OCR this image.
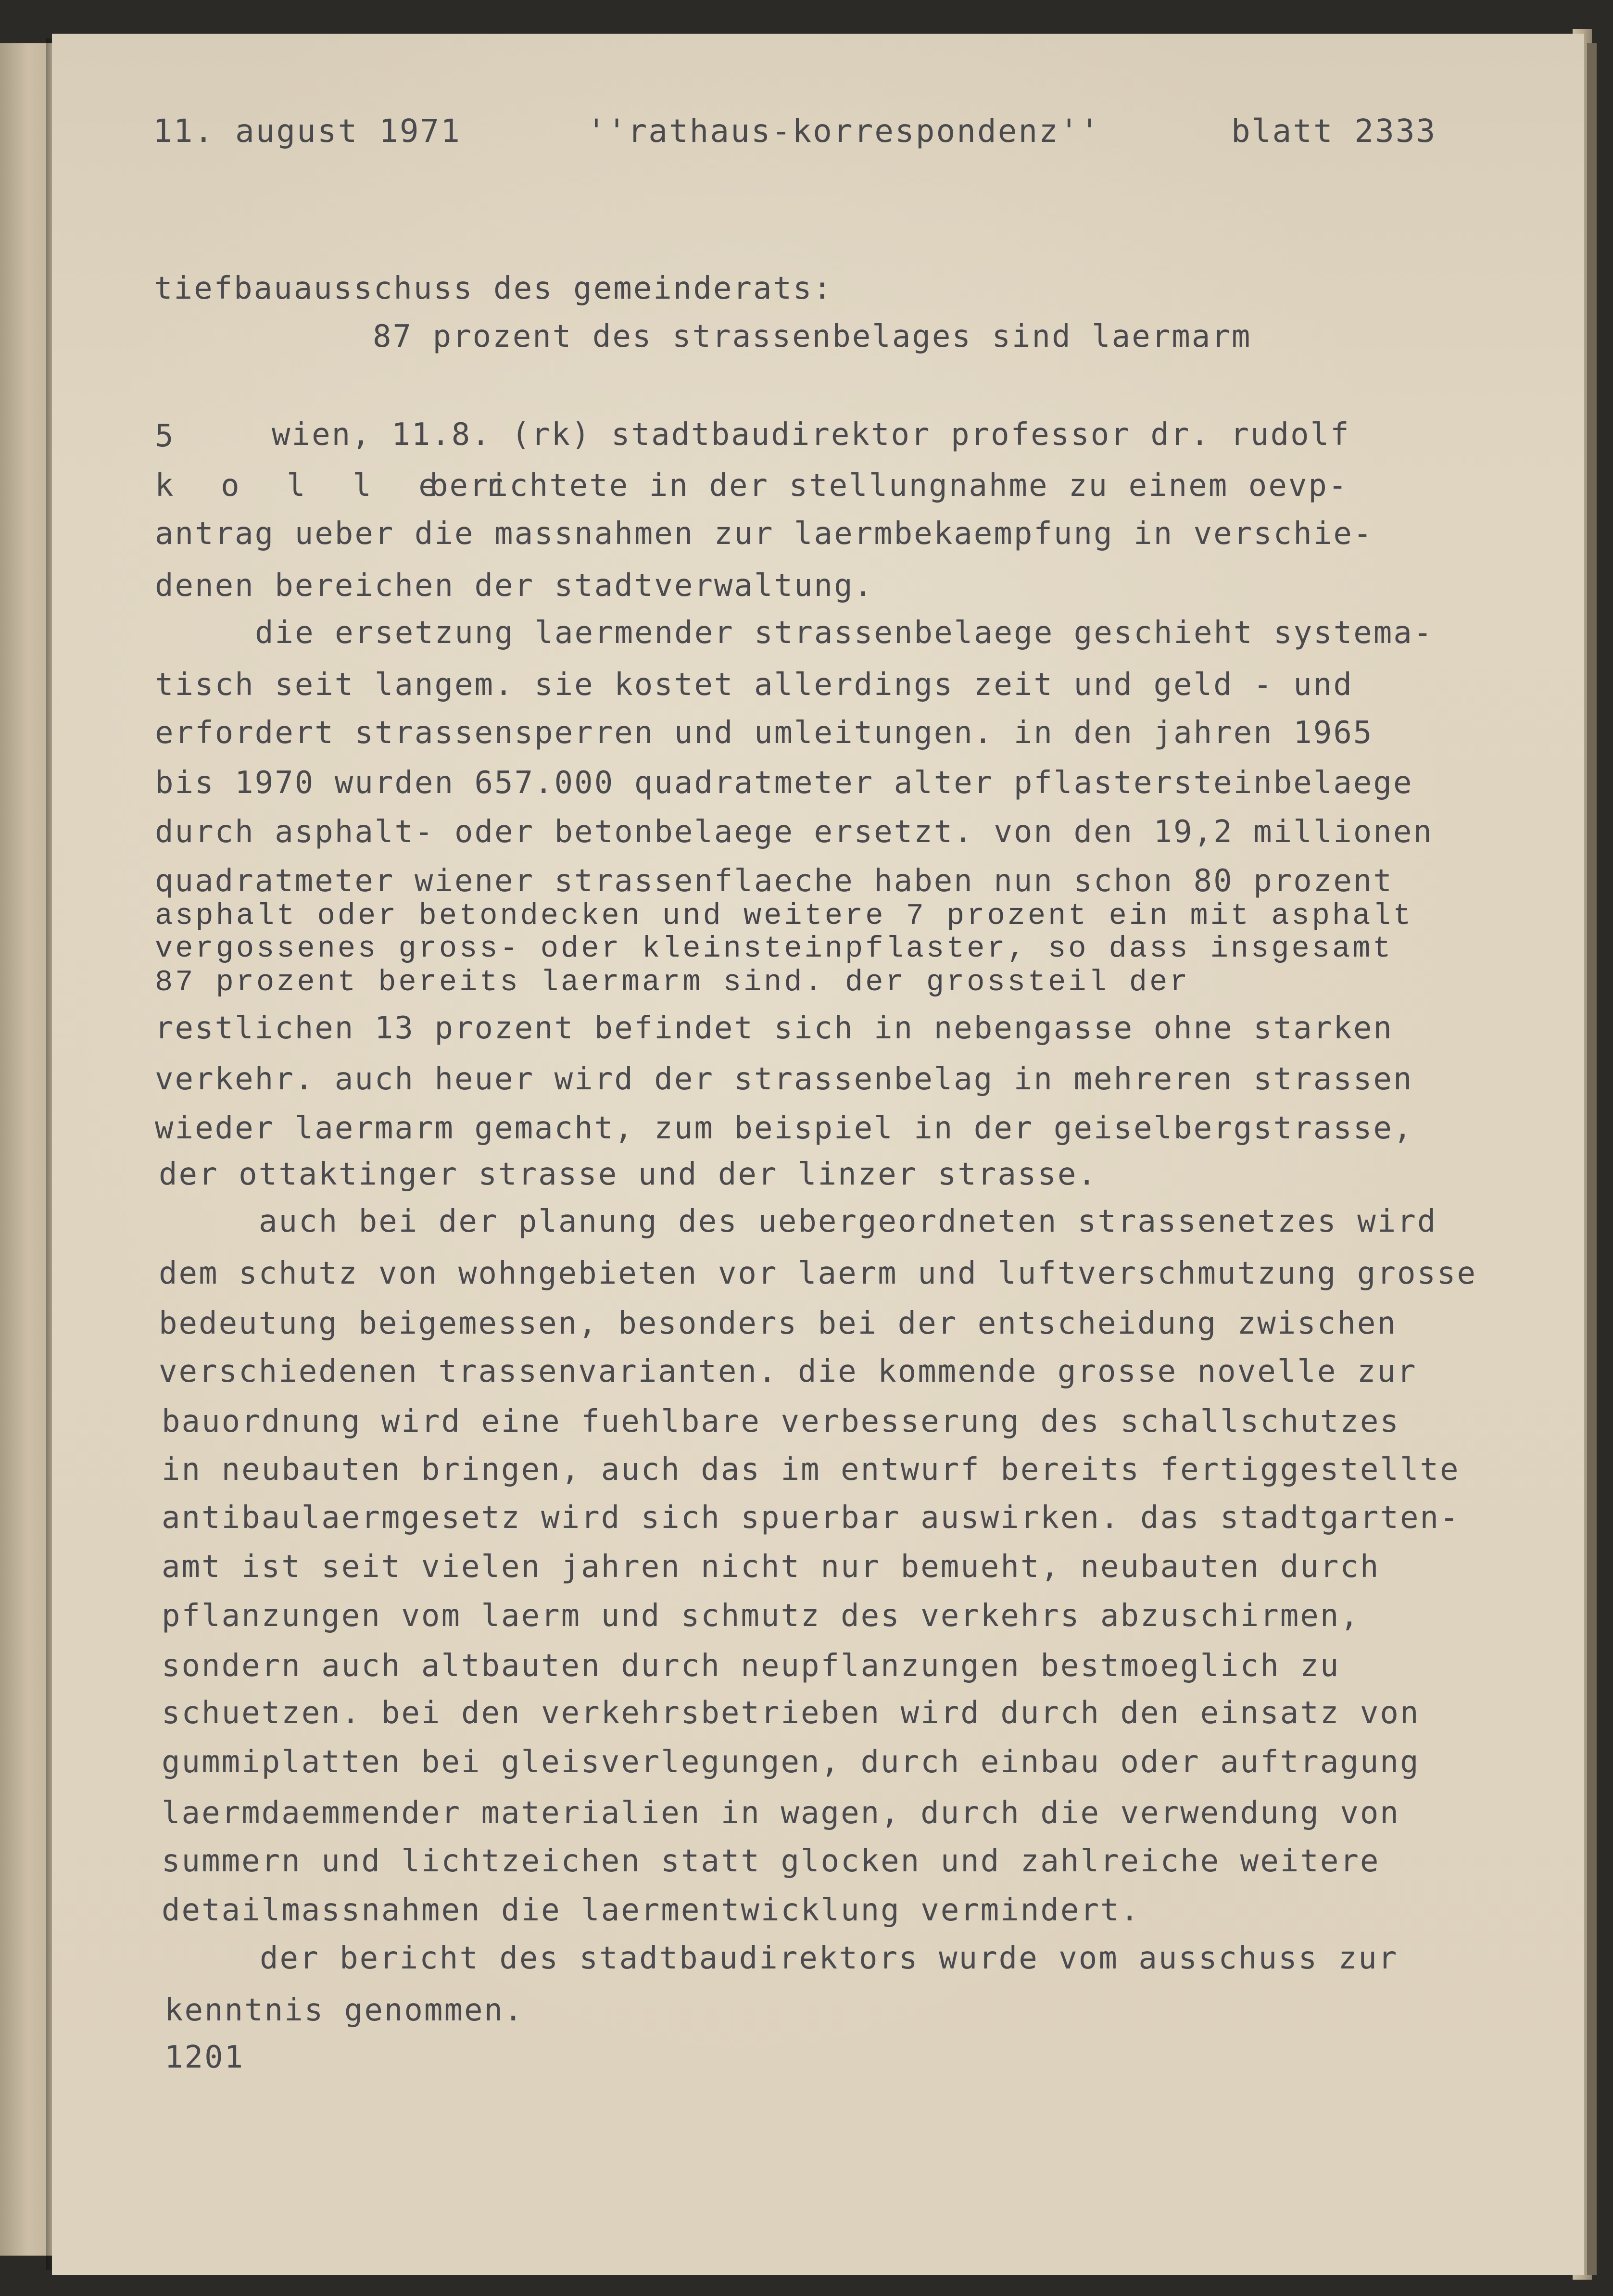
11. august 1971	''rathaus-korrespondenz''	blatt 2333
tiefbauausschuss des gemeinderats:
87 prozent des strassenbelages sind laermarm
5	wien, 11.8. (rk) stadtbaudirektor professor dr. rudolf
k o l l e r
berichtete in der stellungnahme zu einem oevp-
antrag ueber die massnahmen zur laermbekaempfung in verschie-
denen bereichen der stadtverwaltung.
die ersetzung laermender strassenbelaege geschieht systema-
tisch seit langem. sie kostet allerdings zeit und geld - und
erfordert strassensperren und umleitungen. in den jahren 1965
bis 1970 wurden 657.000 quadratmeter alter pflastersteinbelaege
durch asphalt- oder betonbelaege ersetzt. von den 19,2 millionen
quadratmeter wiener strassenflaeche haben nun schon 80 prozent
asphalt oder betondecken und weitere 7 prozent ein mit asphalt
vergossenes gross- oder kleinsteinpflaster, so dass insgesamt
87 prozent bereits laermarm sind. der grossteil der
restlichen 13 prozent befindet sich in nebengasse ohne starken
verkehr. auch heuer wird der strassenbelag in mehreren strassen
wieder laermarm gemacht, zum beispiel in der geiselbergstrasse,
der ottaktinger strasse und der linzer strasse.
auch bei der planung des uebergeordneten strassenetzes wird
dem schutz von wohngebieten vor laerm und luftverschmutzung grosse
bedeutung beigemessen, besonders bei der entscheidung zwischen
verschiedenen trassenvarianten. die kommende grosse novelle zur
bauordnung wird eine fuehlbare verbesserung des schallschutzes
in neubauten bringen, auch das im entwurf bereits fertiggestellte
antibaulaermgesetz wird sich spuerbar auswirken. das stadtgarten-
amt ist seit vielen jahren nicht nur bemueht, neubauten durch
pflanzungen vom laerm und schmutz des verkehrs abzuschirmen,
sondern auch altbauten durch neupflanzungen bestmoeglich zu
schuetzen. bei den verkehrsbetrieben wird durch den einsatz von
gummiplatten bei gleisverlegungen, durch einbau oder auftragung
laermdaemmender materialien in wagen, durch die verwendung von
summern und lichtzeichen statt glocken und zahlreiche weitere
detailmassnahmen die laermentwicklung vermindert.
der bericht des stadtbaudirektors wurde vom ausschuss zur
kenntnis genommen.
1201
